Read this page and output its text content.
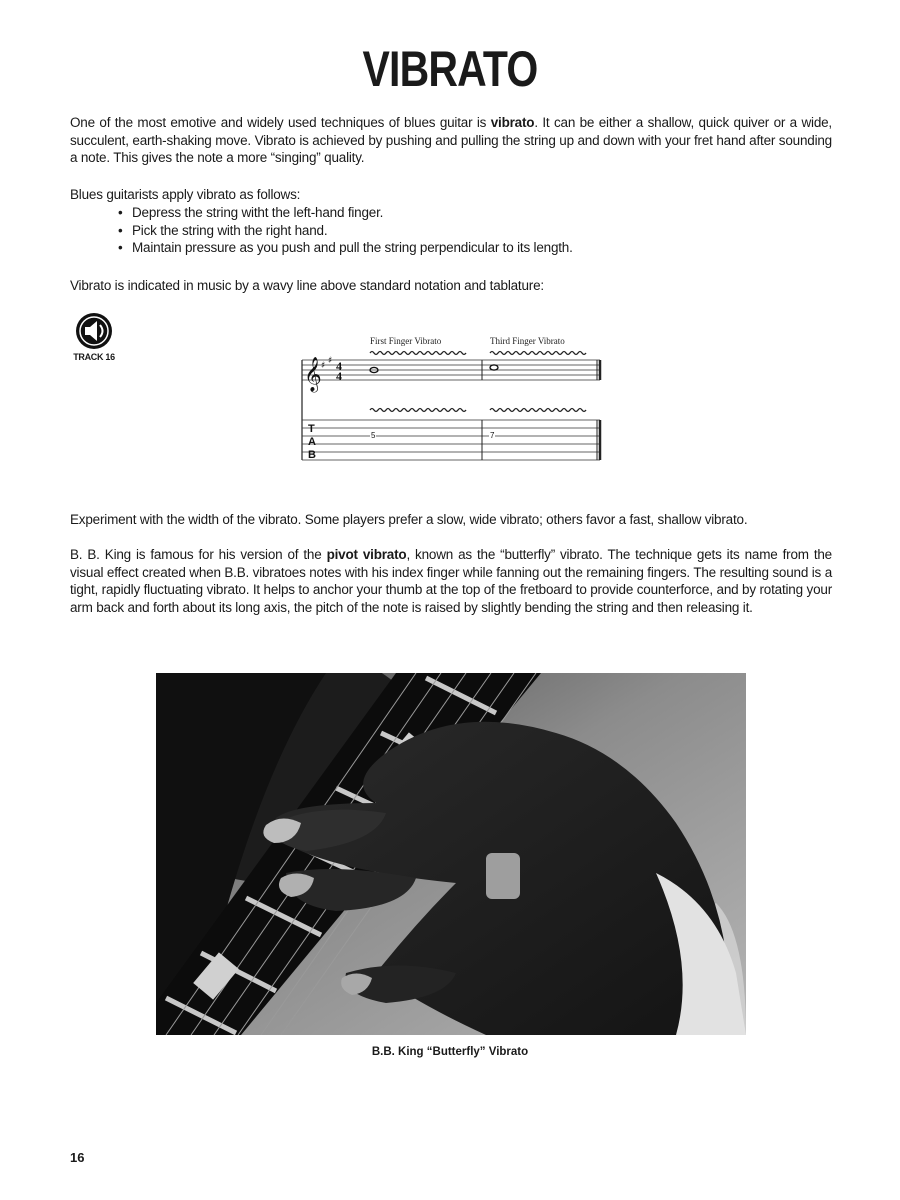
VIBRATO

One of the most emotive and widely used techniques of blues guitar is vibrato. It can be either a shallow, quick quiver or a wide, succulent, earth-shaking move. Vibrato is achieved by pushing and pulling the string up and down with your fret hand after sounding a note. This gives the note a more “singing” quality.

Blues guitarists apply vibrato as follows:

• Depress the string witht the left-hand finger.
• Pick the string with the right hand.
• Maintain pressure as you push and pull the string perpendicular to its length.

Vibrato is indicated in music by a wavy line above standard notation and tablature:

TRACK 16
First Finger Vibrato	Third Finger Vibrato
𝄞 ♯ ♯ 4
4
T
A
B
5	7

Experiment with the width of the vibrato. Some players prefer a slow, wide vibrato; others favor a fast, shallow vibrato.

B. B. King is famous for his version of the pivot vibrato, known as the “butterfly” vibrato. The technique gets its name from the visual effect created when B.B. vibratoes notes with his index finger while fanning out the remaining fingers. The resulting sound is a tight, rapidly fluctuating vibrato. It helps to anchor your thumb at the top of the fretboard to provide counterforce, and by rotating your arm back and forth about its long axis, the pitch of the note is raised by slightly bending the string and then releasing it.

B.B. King “Butterfly” Vibrato

16
